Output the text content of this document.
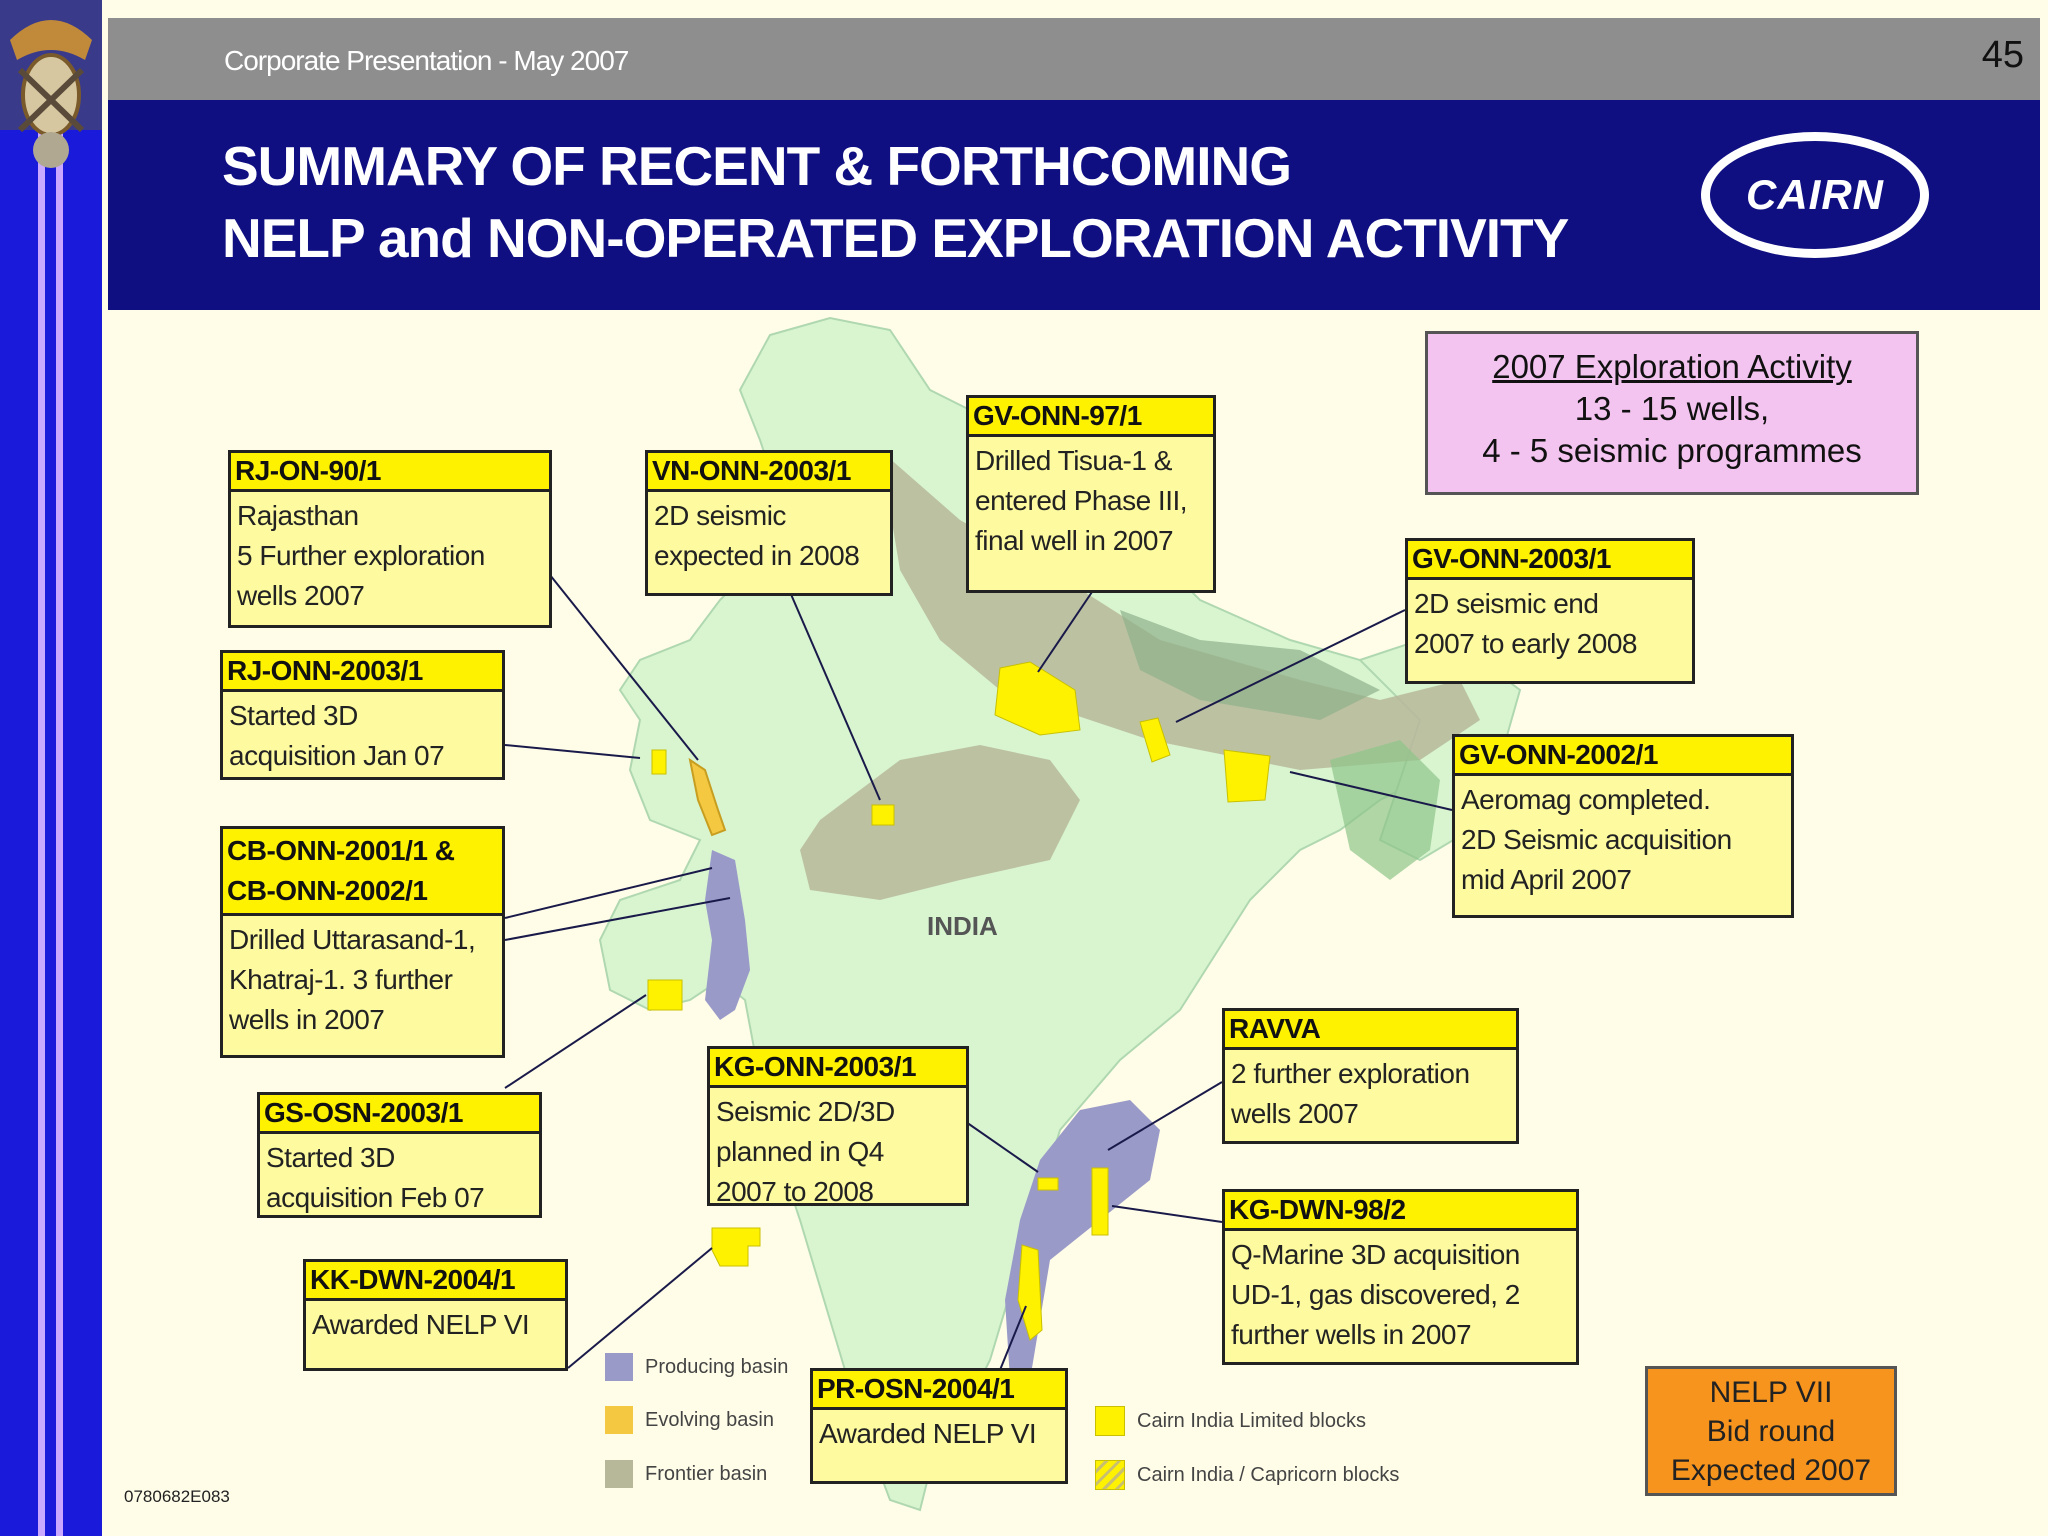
Corporate Presentation - May 2007	45
SUMMARY OF RECENT & FORTHCOMING
NELP and NON-OPERATED EXPLORATION ACTIVITY
CAIRN
INDIA
RJ-ON-90/1
Rajasthan
5 Further exploration
wells 2007
RJ-ONN-2003/1
Started 3D
acquisition Jan 07
CB-ONN-2001/1 &
CB-ONN-2002/1
Drilled Uttarasand-1,
Khatraj-1. 3 further
wells in 2007
GS-OSN-2003/1
Started 3D
acquisition Feb 07
KK-DWN-2004/1
Awarded NELP VI
VN-ONN-2003/1
2D seismic
expected in 2008
GV-ONN-97/1
Drilled Tisua-1 &
entered Phase III,
final well in 2007
GV-ONN-2003/1
2D seismic end
2007 to early 2008
GV-ONN-2002/1
Aeromag completed.
2D Seismic acquisition
mid April 2007
RAVVA
2 further exploration
wells 2007
KG-ONN-2003/1
Seismic 2D/3D
planned in Q4
2007 to 2008
KG-DWN-98/2
Q-Marine 3D acquisition
UD-1, gas discovered, 2
further wells in 2007
PR-OSN-2004/1
Awarded NELP VI
2007 Exploration Activity
13 - 15 wells,
4 - 5 seismic programmes
NELP VII
Bid round
Expected 2007
Producing basin
Evolving basin
Frontier basin
Cairn India Limited blocks
Cairn India / Capricorn blocks
0780682E083
